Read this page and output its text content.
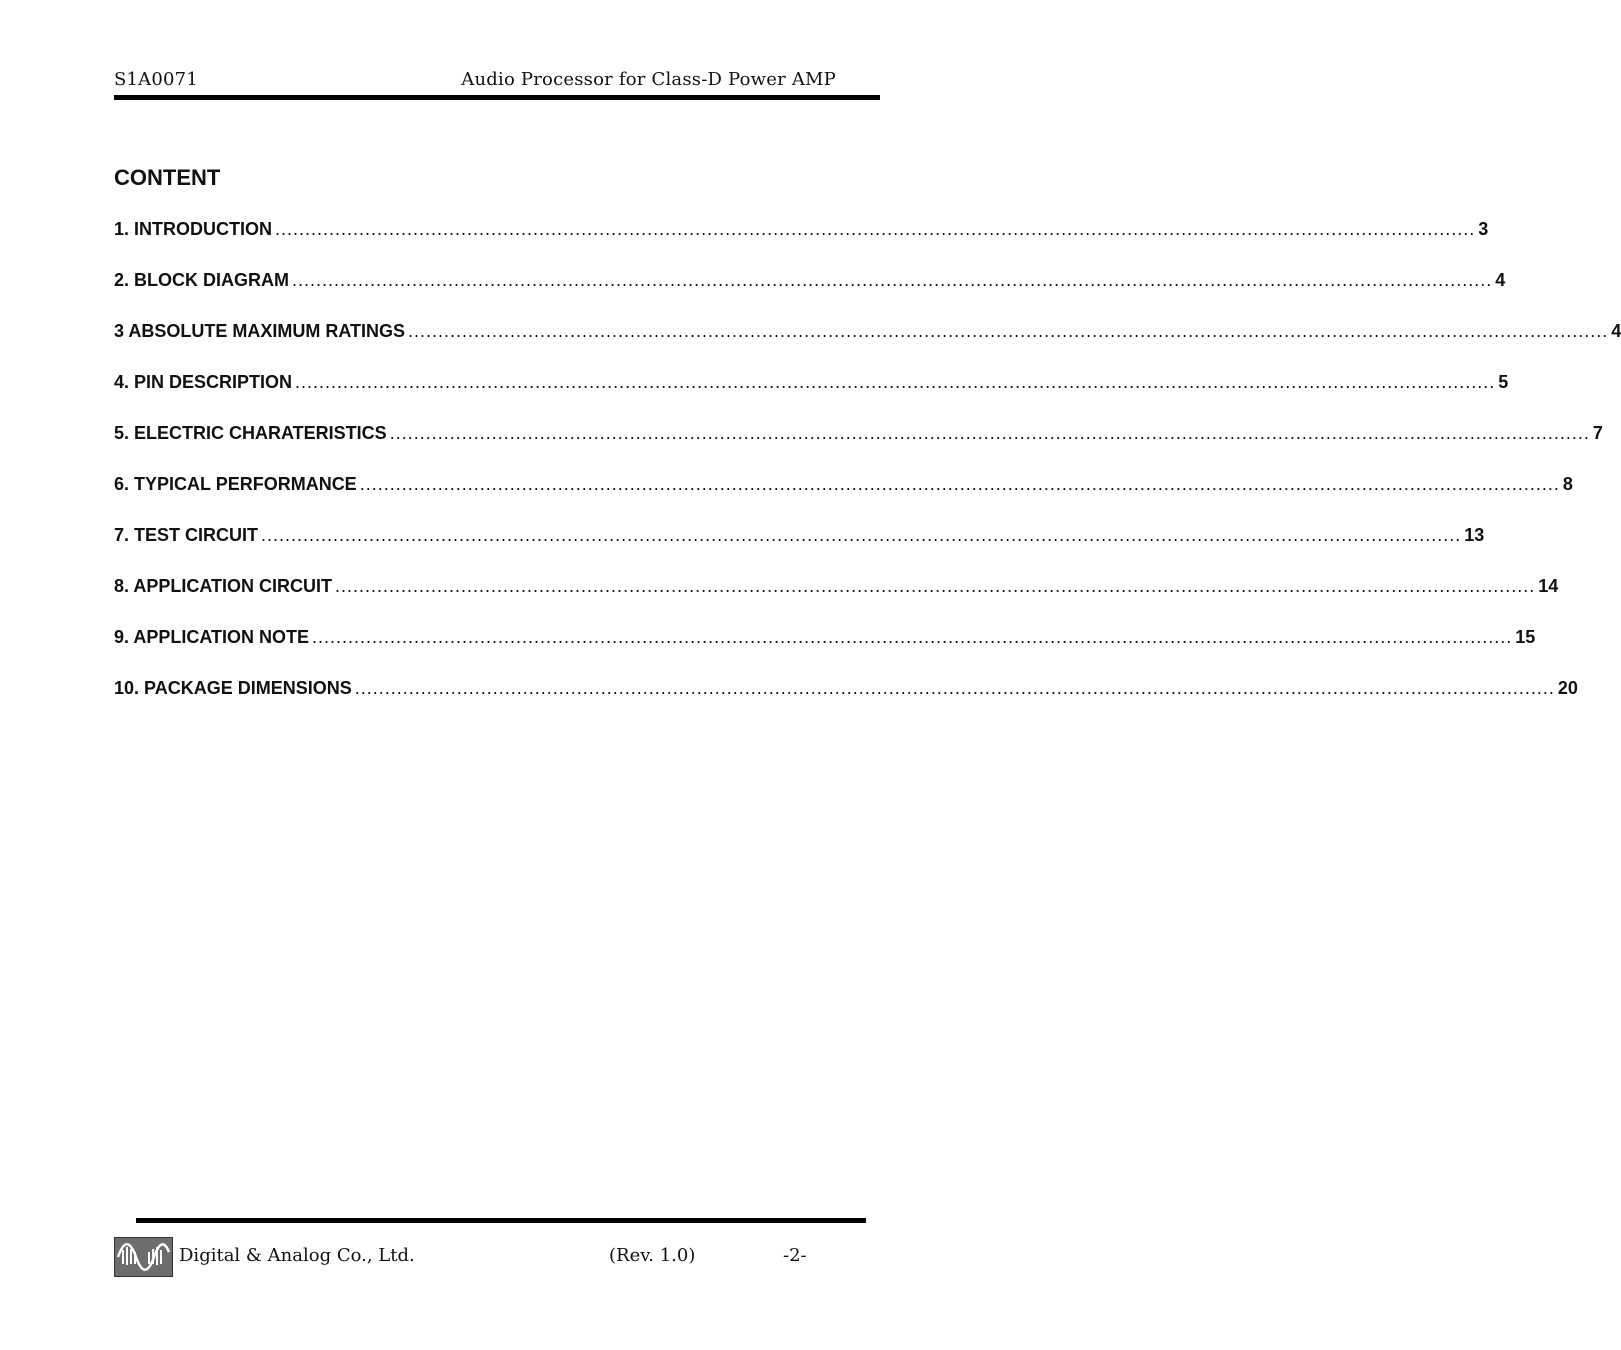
S1A0071	Audio Processor for Class-D Power AMP
CONTENT
1. INTRODUCTION ........................................................................................................................................................................................................ 3
2. BLOCK DIAGRAM ........................................................................................................................................................................................................ 4
3 ABSOLUTE MAXIMUM RATINGS ........................................................................................................................................................................................................ 4
4. PIN DESCRIPTION ........................................................................................................................................................................................................ 5
5. ELECTRIC CHARATERISTICS ........................................................................................................................................................................................................ 7
6. TYPICAL PERFORMANCE ........................................................................................................................................................................................................ 8
7. TEST CIRCUIT ........................................................................................................................................................................................................ 13
8. APPLICATION CIRCUIT ........................................................................................................................................................................................................ 14
9. APPLICATION NOTE ........................................................................................................................................................................................................ 15
10. PACKAGE DIMENSIONS ........................................................................................................................................................................................................ 20
Digital & Analog Co., Ltd.	(Rev. 1.0)	-2-
